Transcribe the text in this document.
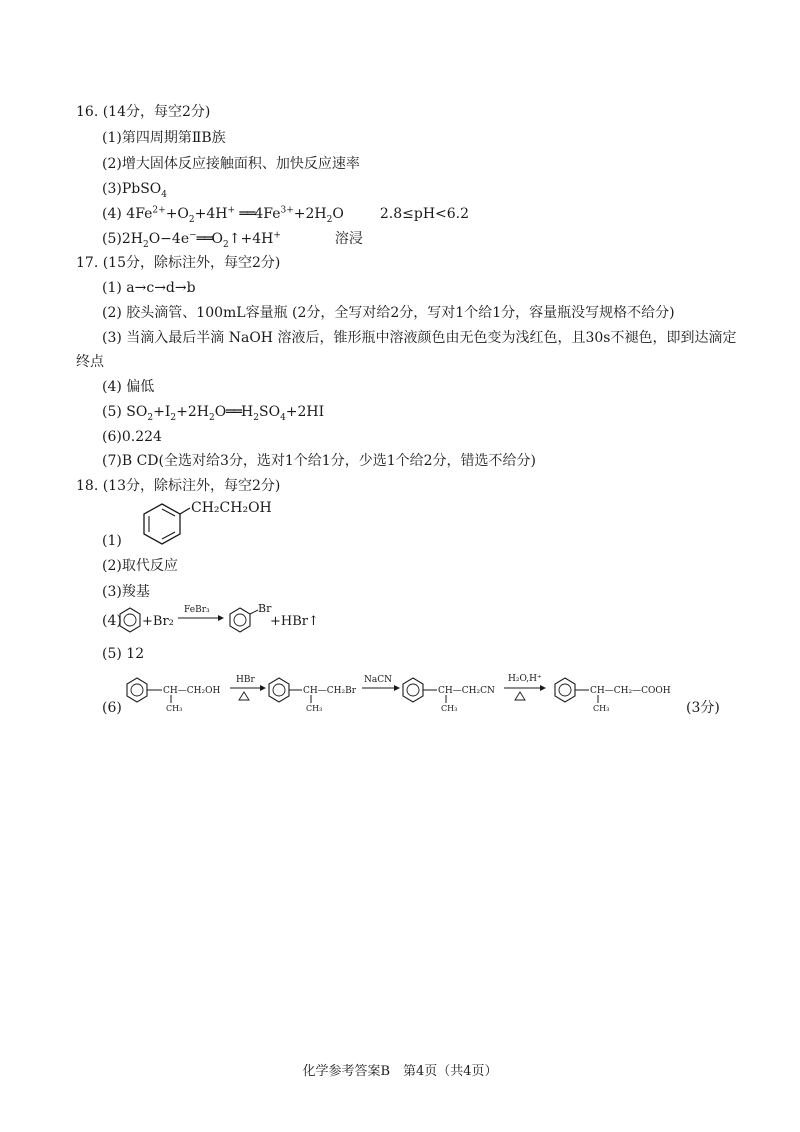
16. (14分，每空2分)
(1)第四周期第ⅡB族
(2)增大固体反应接触面积、加快反应速率
(3)PbSO$_4$
(4) $4Fe^{2+}+O_2+4H^+$ $══4Fe^{3+}+2H_2O$	2.8≤pH<6.2
$(5)2H_2O-4e^-══O_2↑+4H^+$	溶浸
17. (15分，除标注外，每空2分)
(1) a→c→d→b
(2) 胶头滴管、100mL容量瓶 (2分，全写对给2分，写对1个给1分，容量瓶没写规格不给分)
(3) 当滴入最后半滴 NaOH 溶液后，锥形瓶中溶液颜色由无色变为浅红色，且30s不褪色，即到达滴定
终点
(4) 偏低
(5) $SO_2+I_2+2H_2O══H_2SO_4+2HI$
(6)0.224
(7)B CD(全选对给3分，选对1个给1分，少选1个给2分，错选不给分)
18. (13分，除标注外，每空2分)
(1)
CH₂CH₂OH
(2)取代反应
(3)羧基
(4) +Br₂
FeBr₃	Br
+HBr↑
(5) 12
(6)	(3分)
CH—CH₂OH
CH₃
HBr
CH—CH₂Br
CH₃
NaCN
CH—CH₂CN
CH₃
H₂O,H⁺
CH—CH₂—COOH
CH₃
化学参考答案B　第4页（共4页）
